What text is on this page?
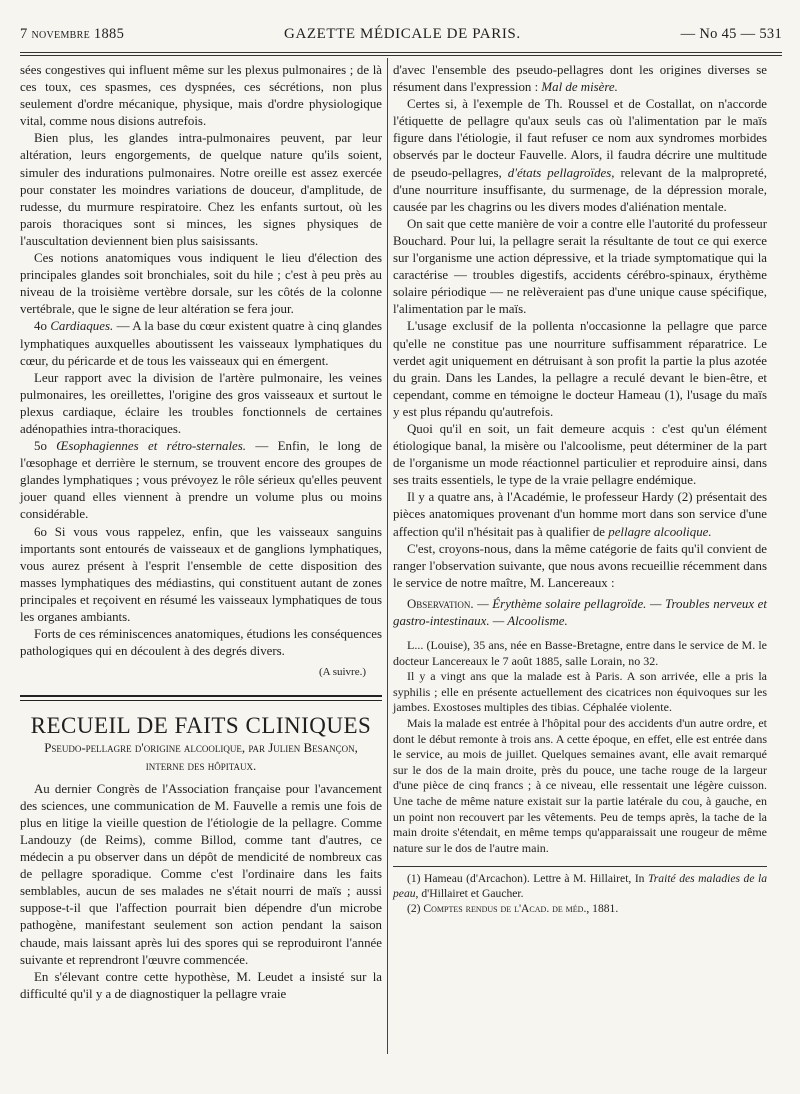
7 novembre 1885	GAZETTE MÉDICALE DE PARIS.	— No 45 — 531

sées congestives qui influent même sur les plexus pulmonaires ; de là ces toux, ces spasmes, ces dyspnées, ces sécrétions, non plus seulement d'ordre mécanique, physique, mais d'ordre physiologique vital, comme nous disions autrefois.

Bien plus, les glandes intra-pulmonaires peuvent, par leur altération, leurs engorgements, de quelque nature qu'ils soient, simuler des indurations pulmonaires. Notre oreille est assez exercée pour constater les moindres variations de douceur, d'amplitude, de rudesse, du murmure respiratoire. Chez les enfants surtout, où les parois thoraciques sont si minces, les signes physiques de l'auscultation deviennent bien plus saisissants.

Ces notions anatomiques vous indiquent le lieu d'élection des principales glandes soit bronchiales, soit du hile ; c'est à peu près au niveau de la troisième vertèbre dorsale, sur les côtés de la colonne vertébrale, que le signe de leur altération se fera jour.

4o Cardiaques. — A la base du cœur existent quatre à cinq glandes lymphatiques auxquelles aboutissent les vaisseaux lymphatiques du cœur, du péricarde et de tous les vaisseaux qui en émergent.

Leur rapport avec la division de l'artère pulmonaire, les veines pulmonaires, les oreillettes, l'origine des gros vaisseaux et surtout le plexus cardiaque, éclaire les troubles fonctionnels de certaines adénopathies intra-thoraciques.

5o Œsophagiennes et rétro-sternales. — Enfin, le long de l'œsophage et derrière le sternum, se trouvent encore des groupes de glandes lymphatiques ; vous prévoyez le rôle sérieux qu'elles peuvent jouer quand elles viennent à prendre un volume plus ou moins considérable.

6o Si vous vous rappelez, enfin, que les vaisseaux sanguins importants sont entourés de vaisseaux et de ganglions lymphatiques, vous aurez présent à l'esprit l'ensemble de cette disposition des masses lymphatiques des médiastins, qui constituent autant de zones principales et reçoivent en résumé les vaisseaux lymphatiques de tous les organes ambiants.

Forts de ces réminiscences anatomiques, étudions les conséquences pathologiques qui en découlent à des degrés divers.

(A suivre.)

RECUEIL DE FAITS CLINIQUES

Pseudo-pellagre d'origine alcoolique, par Julien Besançon,

interne des hôpitaux.

Au dernier Congrès de l'Association française pour l'avancement des sciences, une communication de M. Fauvelle a remis une fois de plus en litige la vieille question de l'étiologie de la pellagre. Comme Landouzy (de Reims), comme Billod, comme tant d'autres, ce médecin a pu observer dans un dépôt de mendicité de nombreux cas de pellagre sporadique. Comme c'est l'ordinaire dans les faits semblables, aucun de ses malades ne s'était nourri de maïs ; aussi suppose-t-il que l'affection pourrait bien dépendre d'un microbe pathogène, manifestant seulement son action pendant la saison chaude, mais laissant après lui des spores qui se reproduiront l'année suivante et reprendront l'œuvre commencée.

En s'élevant contre cette hypothèse, M. Leudet a insisté sur la difficulté qu'il y a de diagnostiquer la pellagre vraie

d'avec l'ensemble des pseudo-pellagres dont les origines diverses se résument dans l'expression : Mal de misère.

Certes si, à l'exemple de Th. Roussel et de Costallat, on n'accorde l'étiquette de pellagre qu'aux seuls cas où l'alimentation par le maïs figure dans l'étiologie, il faut refuser ce nom aux syndromes morbides observés par le docteur Fauvelle. Alors, il faudra décrire une multitude de pseudo-pellagres, d'états pellagroïdes, relevant de la malpropreté, d'une nourriture insuffisante, du surmenage, de la dépression morale, causée par les chagrins ou les divers modes d'aliénation mentale.

On sait que cette manière de voir a contre elle l'autorité du professeur Bouchard. Pour lui, la pellagre serait la résultante de tout ce qui exerce sur l'organisme une action dépressive, et la triade symptomatique qui la caractérise — troubles digestifs, accidents cérébro-spinaux, érythème solaire périodique — ne relèveraient pas d'une unique cause spécifique, l'alimentation par le maïs.

L'usage exclusif de la pollenta n'occasionne la pellagre que parce qu'elle ne constitue pas une nourriture suffisamment réparatrice. Le verdet agit uniquement en détruisant à son profit la partie la plus azotée du grain. Dans les Landes, la pellagre a reculé devant le bien-être, et cependant, comme en témoigne le docteur Hameau (1), l'usage du maïs y est plus répandu qu'autrefois.

Quoi qu'il en soit, un fait demeure acquis : c'est qu'un élément étiologique banal, la misère ou l'alcoolisme, peut déterminer de la part de l'organisme un mode réactionnel particulier et reproduire ainsi, dans ses traits essentiels, le type de la vraie pellagre endémique.

Il y a quatre ans, à l'Académie, le professeur Hardy (2) présentait des pièces anatomiques provenant d'un homme mort dans son service d'une affection qu'il n'hésitait pas à qualifier de pellagre alcoolique.

C'est, croyons-nous, dans la même catégorie de faits qu'il convient de ranger l'observation suivante, que nous avons recueillie récemment dans le service de notre maître, M. Lancereaux :

Observation. — Érythème solaire pellagroïde. — Troubles nerveux et gastro-intestinaux. — Alcoolisme.

L... (Louise), 35 ans, née en Basse-Bretagne, entre dans le service de M. le docteur Lancereaux le 7 août 1885, salle Lorain, no 32.

Il y a vingt ans que la malade est à Paris. A son arrivée, elle a pris la syphilis ; elle en présente actuellement des cicatrices non équivoques sur les jambes. Exostoses multiples des tibias. Céphalée violente.

Mais la malade est entrée à l'hôpital pour des accidents d'un autre ordre, et dont le début remonte à trois ans. A cette époque, en effet, elle est entrée dans le service, au mois de juillet. Quelques semaines avant, elle avait remarqué sur le dos de la main droite, près du pouce, une tache rouge de la largeur d'une pièce de cinq francs ; à ce niveau, elle ressentait une légère cuisson. Une tache de même nature existait sur la partie latérale du cou, à gauche, en un point non recouvert par les vêtements. Peu de temps après, la tache de la main droite s'étendait, en même temps qu'apparaissait une rougeur de même nature sur le dos de l'autre main.

(1) Hameau (d'Arcachon). Lettre à M. Hillairet, In Traité des maladies de la peau, d'Hillairet et Gaucher.

(2) Comptes rendus de l'Acad. de méd., 1881.
